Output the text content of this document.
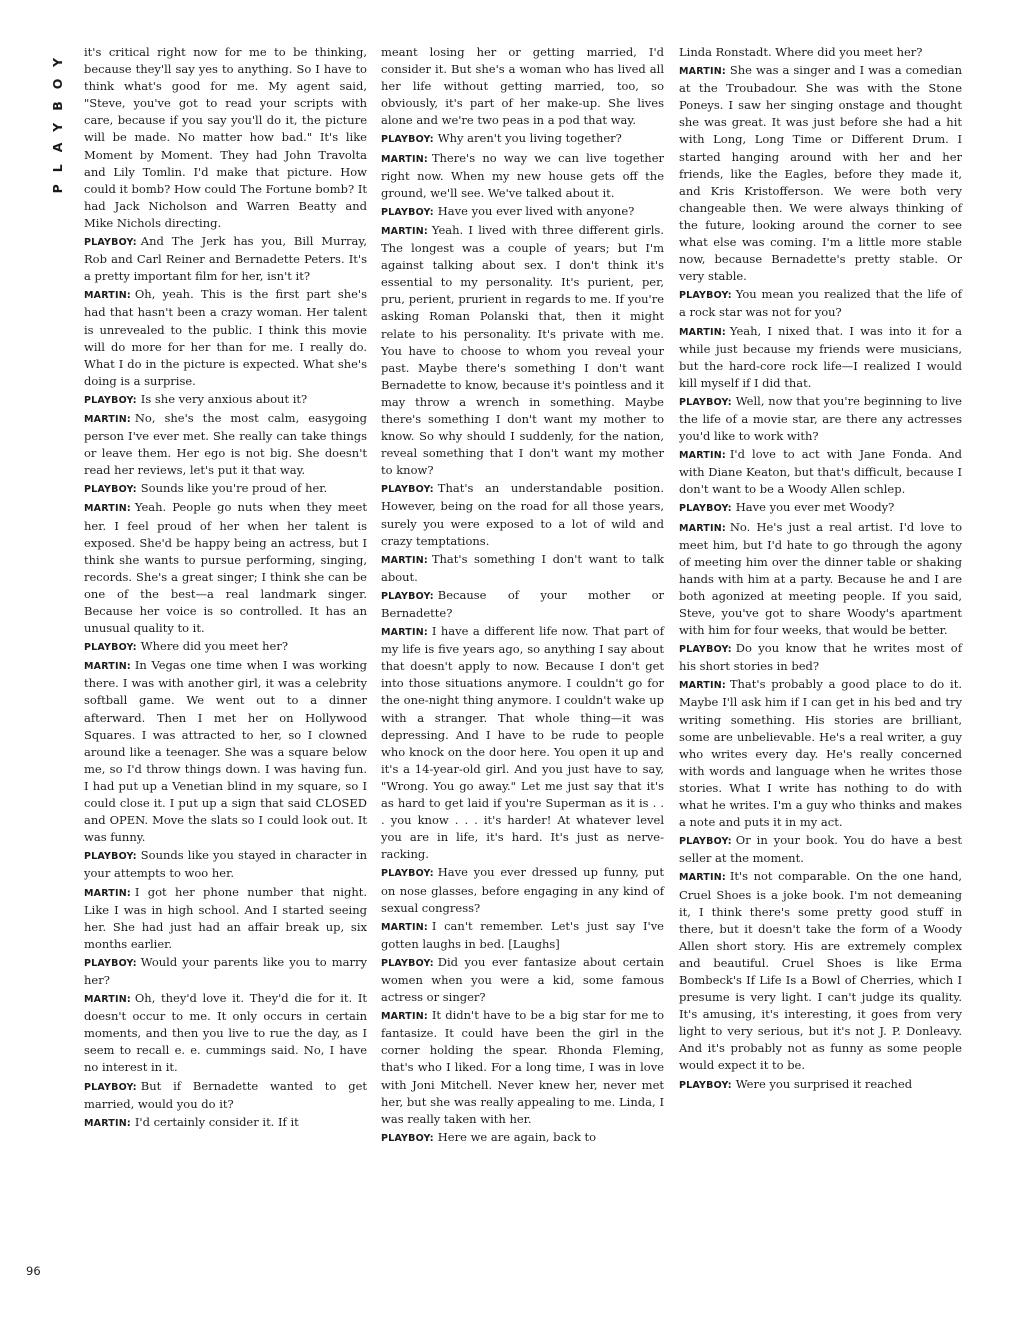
PLAYBOY it's critical right now for me to be thinking, because they'll say yes to anything. So I have to think what's good for me. My agent said, "Steve, you've got to read your scripts with care, because if you say you'll do it, the picture will be made. No matter how bad." It's like Moment by Moment. They had John Travolta and Lily Tomlin. I'd make that picture. How could it bomb? How could The Fortune bomb? It had Jack Nicholson and Warren Beatty and Mike Nichols directing.

PLAYBOY: And The Jerk has you, Bill Murray, Rob and Carl Reiner and Bernadette Peters. It's a pretty important film for her, isn't it?

MARTIN: Oh, yeah. This is the first part she's had that hasn't been a crazy woman. Her talent is unrevealed to the public. I think this movie will do more for her than for me. I really do. What I do in the picture is expected. What she's doing is a surprise.

PLAYBOY: Is she very anxious about it?

MARTIN: No, she's the most calm, easygoing person I've ever met. She really can take things or leave them. Her ego is not big. She doesn't read her reviews, let's put it that way.

PLAYBOY: Sounds like you're proud of her.

MARTIN: Yeah. People go nuts when they meet her. I feel proud of her when her talent is exposed. She'd be happy being an actress, but I think she wants to pursue performing, singing, records. She's a great singer; I think she can be one of the best—a real landmark singer. Because her voice is so controlled. It has an unusual quality to it.

PLAYBOY: Where did you meet her?

MARTIN: In Vegas one time when I was working there. I was with another girl, it was a celebrity softball game. We went out to a dinner afterward. Then I met her on Hollywood Squares. I was attracted to her, so I clowned around like a teenager. She was a square below me, so I'd throw things down. I was having fun. I had put up a Venetian blind in my square, so I could close it. I put up a sign that said CLOSED and OPEN. Move the slats so I could look out. It was funny.

PLAYBOY: Sounds like you stayed in character in your attempts to woo her.

MARTIN: I got her phone number that night. Like I was in high school. And I started seeing her. She had just had an affair break up, six months earlier.

PLAYBOY: Would your parents like you to marry her?

MARTIN: Oh, they'd love it. They'd die for it. It doesn't occur to me. It only occurs in certain moments, and then you live to rue the day, as I seem to recall e. e. cummings said. No, I have no interest in it.

PLAYBOY: But if Bernadette wanted to get married, would you do it?

MARTIN: I'd certainly consider it. If it

meant losing her or getting married, I'd consider it. But she's a woman who has lived all her life without getting married, too, so obviously, it's part of her make-up. She lives alone and we're two peas in a pod that way.

PLAYBOY: Why aren't you living together?

MARTIN: There's no way we can live together right now. When my new house gets off the ground, we'll see. We've talked about it.

PLAYBOY: Have you ever lived with anyone?

MARTIN: Yeah. I lived with three different girls. The longest was a couple of years; but I'm against talking about sex. I don't think it's essential to my personality. It's purient, per, pru, perient, prurient in regards to me. If you're asking Roman Polanski that, then it might relate to his personality. It's private with me. You have to choose to whom you reveal your past. Maybe there's something I don't want Bernadette to know, because it's pointless and it may throw a wrench in something. Maybe there's something I don't want my mother to know. So why should I suddenly, for the nation, reveal something that I don't want my mother to know?

PLAYBOY: That's an understandable position. However, being on the road for all those years, surely you were exposed to a lot of wild and crazy temptations.

MARTIN: That's something I don't want to talk about.

PLAYBOY: Because of your mother or Bernadette?

MARTIN: I have a different life now. That part of my life is five years ago, so anything I say about that doesn't apply to now. Because I don't get into those situations anymore. I couldn't go for the one-night thing anymore. I couldn't wake up with a stranger. That whole thing—it was depressing. And I have to be rude to people who knock on the door here. You open it up and it's a 14-year-old girl. And you just have to say, "Wrong. You go away." Let me just say that it's as hard to get laid if you're Superman as it is . . . you know . . . it's harder! At whatever level you are in life, it's hard. It's just as nerve-racking.

PLAYBOY: Have you ever dressed up funny, put on nose glasses, before engaging in any kind of sexual congress?

MARTIN: I can't remember. Let's just say I've gotten laughs in bed. [Laughs]

PLAYBOY: Did you ever fantasize about certain women when you were a kid, some famous actress or singer?

MARTIN: It didn't have to be a big star for me to fantasize. It could have been the girl in the corner holding the spear. Rhonda Fleming, that's who I liked. For a long time, I was in love with Joni Mitchell. Never knew her, never met her, but she was really appealing to me. Linda, I was really taken with her.

PLAYBOY: Here we are again, back to

Linda Ronstadt. Where did you meet her?

MARTIN: She was a singer and I was a comedian at the Troubadour. She was with the Stone Poneys. I saw her singing onstage and thought she was great. It was just before she had a hit with Long, Long Time or Different Drum. I started hanging around with her and her friends, like the Eagles, before they made it, and Kris Kristofferson. We were both very changeable then. We were always thinking of the future, looking around the corner to see what else was coming. I'm a little more stable now, because Bernadette's pretty stable. Or very stable.

PLAYBOY: You mean you realized that the life of a rock star was not for you?

MARTIN: Yeah, I nixed that. I was into it for a while just because my friends were musicians, but the hard-core rock life—I realized I would kill myself if I did that.

PLAYBOY: Well, now that you're beginning to live the life of a movie star, are there any actresses you'd like to work with?

MARTIN: I'd love to act with Jane Fonda. And with Diane Keaton, but that's difficult, because I don't want to be a Woody Allen schlep.

PLAYBOY: Have you ever met Woody?

MARTIN: No. He's just a real artist. I'd love to meet him, but I'd hate to go through the agony of meeting him over the dinner table or shaking hands with him at a party. Because he and I are both agonized at meeting people. If you said, Steve, you've got to share Woody's apartment with him for four weeks, that would be better.

PLAYBOY: Do you know that he writes most of his short stories in bed?

MARTIN: That's probably a good place to do it. Maybe I'll ask him if I can get in his bed and try writing something. His stories are brilliant, some are unbelievable. He's a real writer, a guy who writes every day. He's really concerned with words and language when he writes those stories. What I write has nothing to do with what he writes. I'm a guy who thinks and makes a note and puts it in my act.

PLAYBOY: Or in your book. You do have a best seller at the moment.

MARTIN: It's not comparable. On the one hand, Cruel Shoes is a joke book. I'm not demeaning it, I think there's some pretty good stuff in there, but it doesn't take the form of a Woody Allen short story. His are extremely complex and beautiful. Cruel Shoes is like Erma Bombeck's If Life Is a Bowl of Cherries, which I presume is very light. I can't judge its quality. It's amusing, it's interesting, it goes from very light to very serious, but it's not J. P. Donleavy. And it's probably not as funny as some people would expect it to be.

PLAYBOY: Were you surprised it reached

96
